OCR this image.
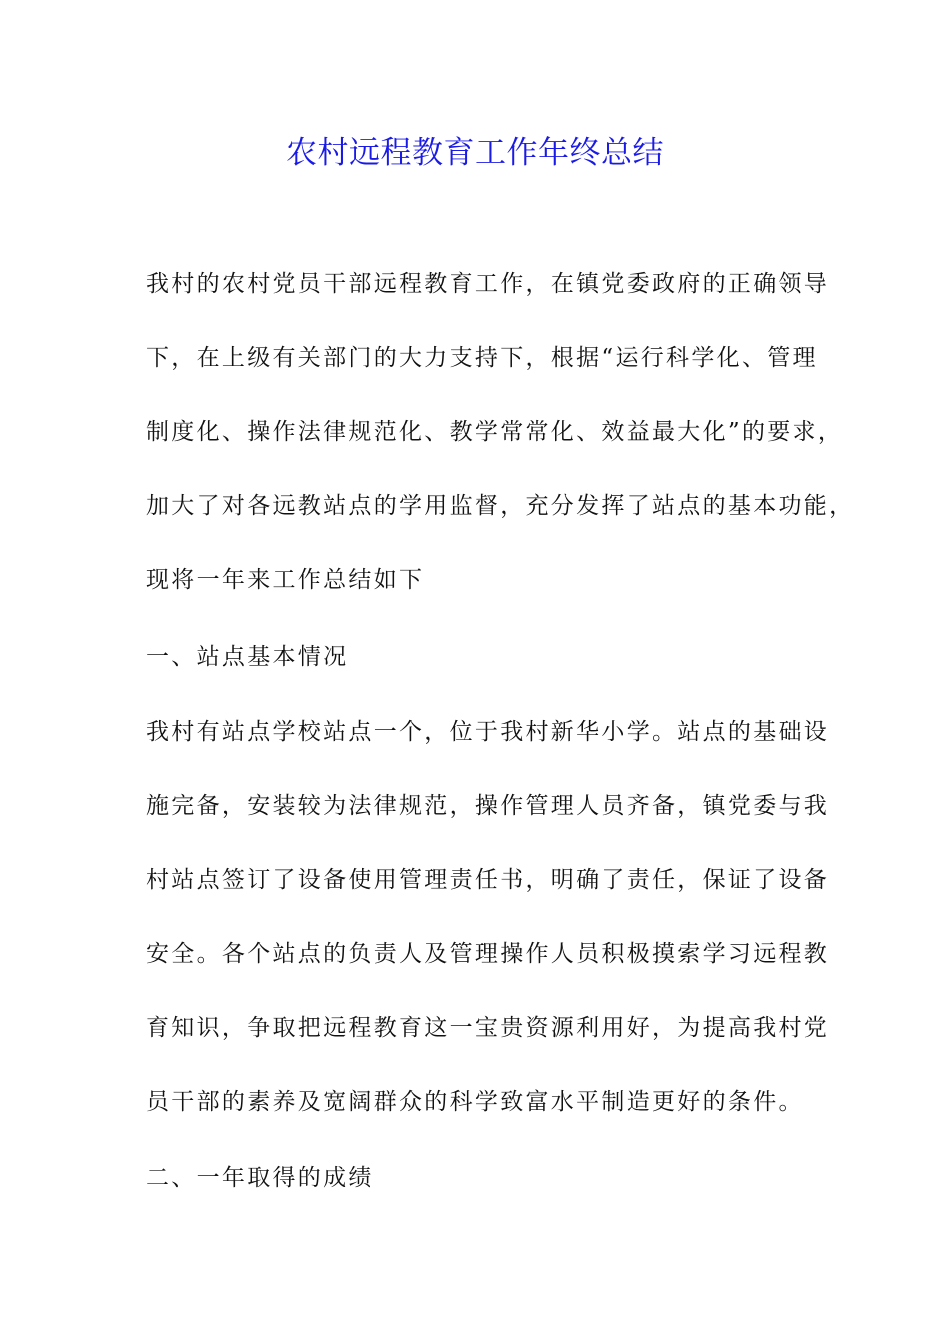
农村远程教育工作年终总结

我村的农村党员干部远程教育工作，在镇党委政府的正确领导

下，在上级有关部门的大力支持下，根据“运行科学化、管理

制度化、操作法律规范化、教学常常化、效益最大化”的要求，

加大了对各远教站点的学用监督，充分发挥了站点的基本功能，

现将一年来工作总结如下

一、站点基本情况

我村有站点学校站点一个，位于我村新华小学。站点的基础设

施完备，安装较为法律规范，操作管理人员齐备，镇党委与我

村站点签订了设备使用管理责任书，明确了责任，保证了设备

安全。各个站点的负责人及管理操作人员积极摸索学习远程教

育知识，争取把远程教育这一宝贵资源利用好，为提高我村党

员干部的素养及宽阔群众的科学致富水平制造更好的条件。

二、一年取得的成绩
